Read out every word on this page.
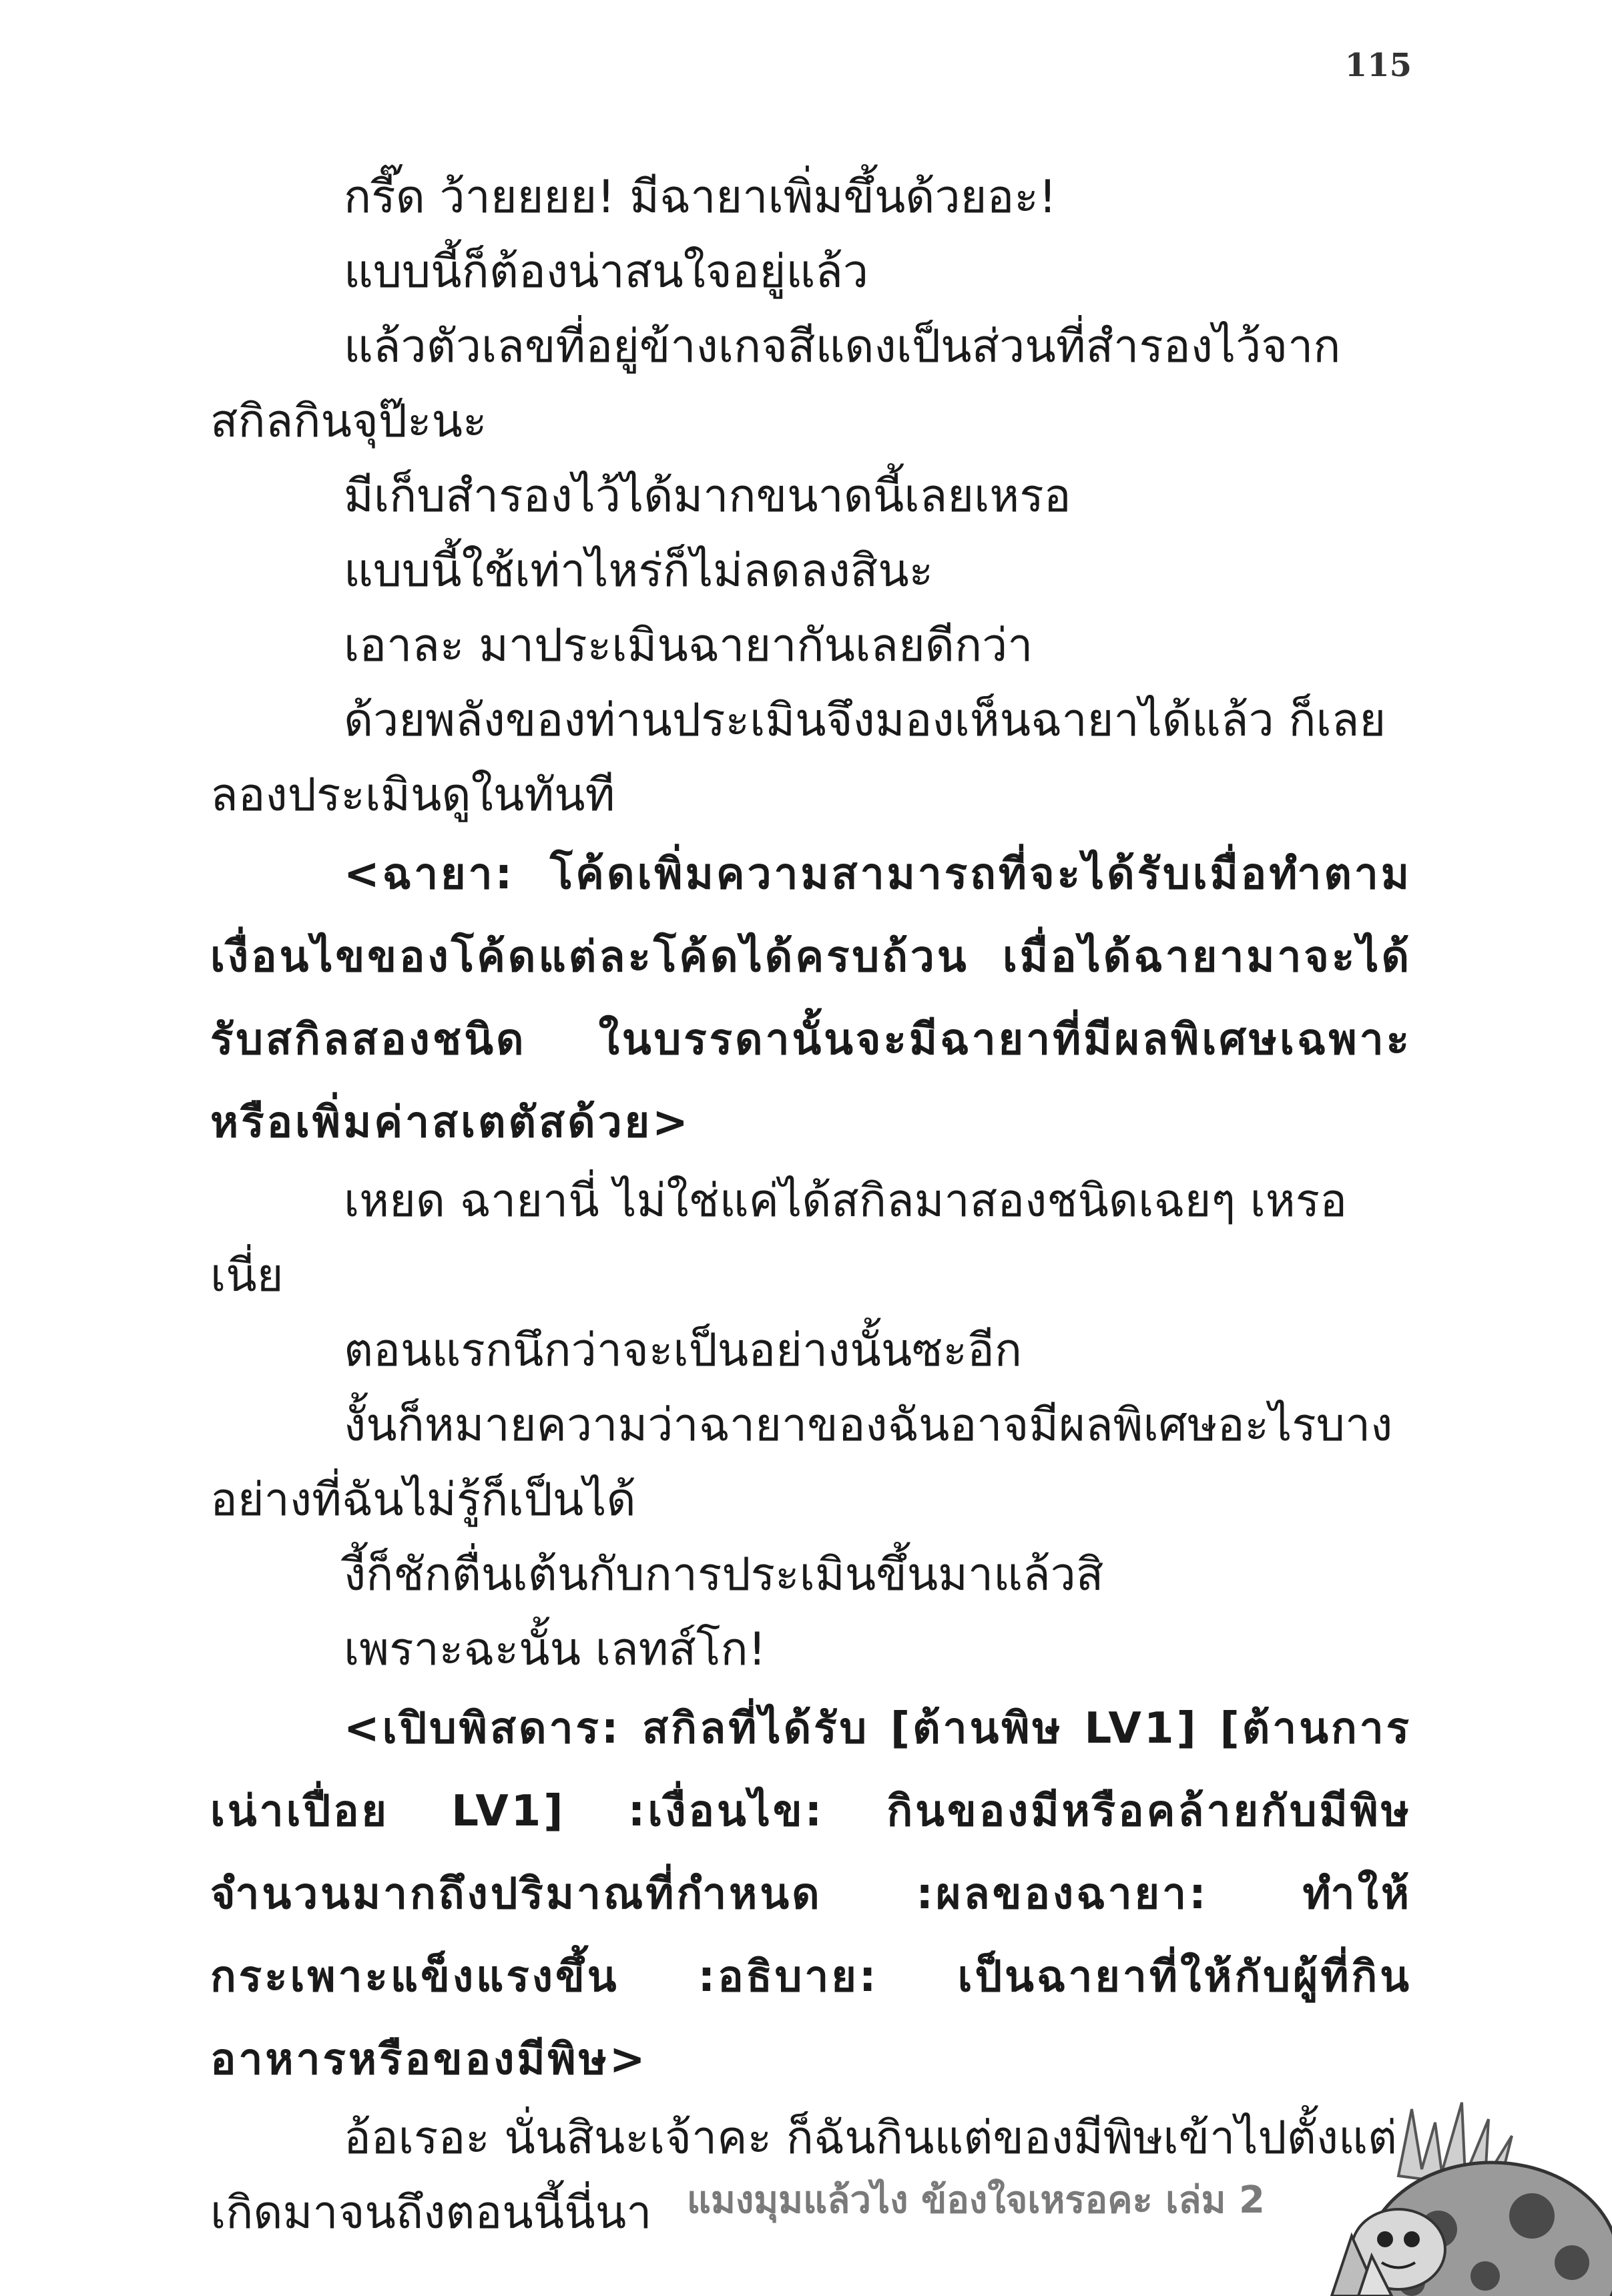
115

กรี๊ด ว้ายยยย! มีฉายาเพิ่มขึ้นด้วยอะ!

แบบนี้ก็ต้องน่าสนใจอยู่แล้ว

แล้วตัวเลขที่อยู่ข้างเกจสีแดงเป็นส่วนที่สำรองไว้จากสกิลกินจุป๊ะนะ

มีเก็บสำรองไว้ได้มากขนาดนี้เลยเหรอ

แบบนี้ใช้เท่าไหร่ก็ไม่ลดลงสินะ

เอาละ มาประเมินฉายากันเลยดีกว่า

ด้วยพลังของท่านประเมินจึงมองเห็นฉายาได้แล้ว ก็เลยลองประเมินดูในทันที

<ฉายา: โค้ดเพิ่มความสามารถที่จะได้รับเมื่อทำตามเงื่อนไขของโค้ดแต่ละโค้ดได้ครบถ้วน เมื่อได้ฉายามาจะได้รับสกิลสองชนิด ในบรรดานั้นจะมีฉายาที่มีผลพิเศษเฉพาะหรือเพิ่มค่าสเตตัสด้วย>

เหยด ฉายานี่ ไม่ใช่แค่ได้สกิลมาสองชนิดเฉยๆ เหรอเนี่ย

ตอนแรกนึกว่าจะเป็นอย่างนั้นซะอีก

งั้นก็หมายความว่าฉายาของฉันอาจมีผลพิเศษอะไรบางอย่างที่ฉันไม่รู้ก็เป็นได้

งี้ก็ชักตื่นเต้นกับการประเมินขึ้นมาแล้วสิ

เพราะฉะนั้น เลทส์โก!

<เปิบพิสดาร: สกิลที่ได้รับ [ต้านพิษ LV1] [ต้านการเน่าเปื่อย LV1] :เงื่อนไข: กินของมีหรือคล้ายกับมีพิษจำนวนมากถึงปริมาณที่กำหนด :ผลของฉายา: ทำให้กระเพาะแข็งแรงขึ้น :อธิบาย: เป็นฉายาที่ให้กับผู้ที่กินอาหารหรือของมีพิษ>

อ้อเรอะ นั่นสินะเจ้าคะ ก็ฉันกินแต่ของมีพิษเข้าไปตั้งแต่เกิดมาจนถึงตอนนี้นี่นา แมงมุมแล้วไง ข้องใจเหรอคะ เล่ม 2
